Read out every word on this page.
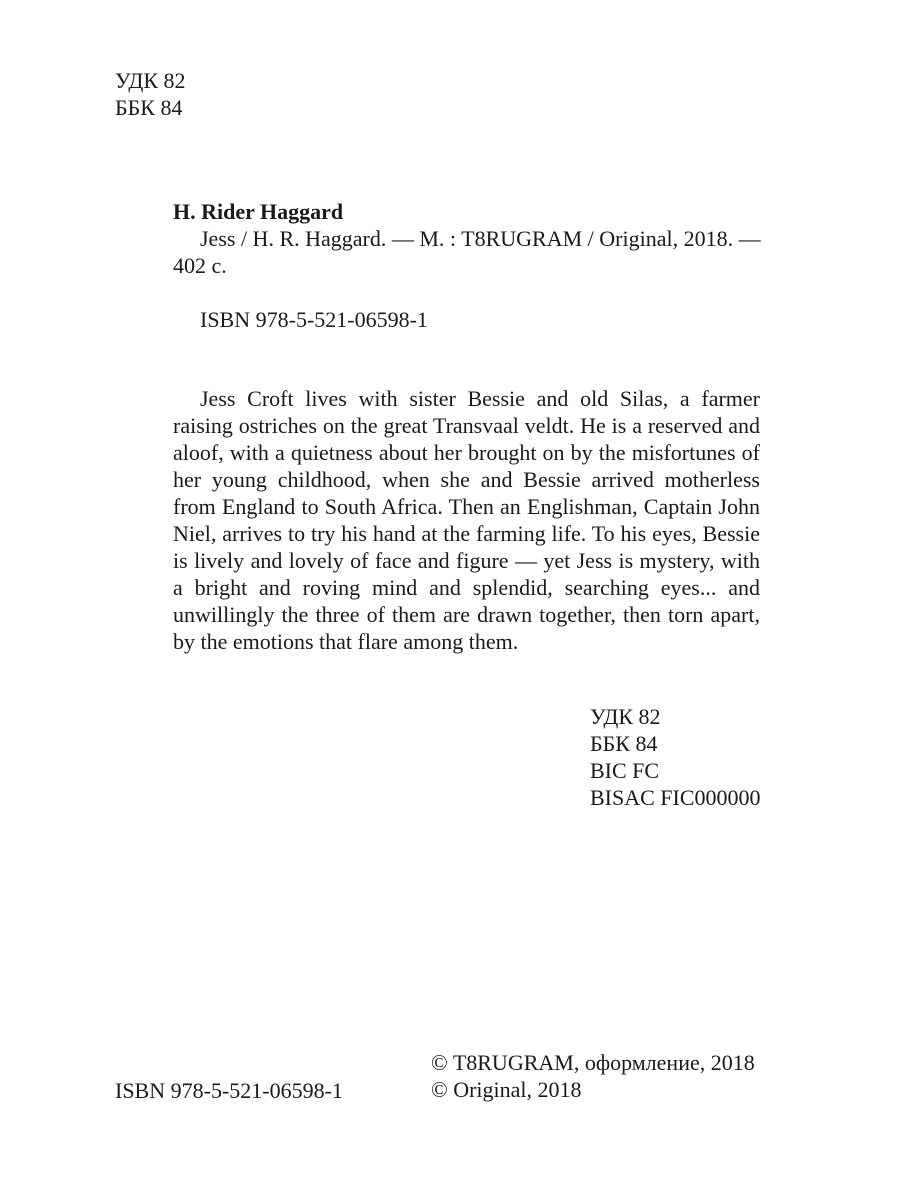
УДК 82
ББК 84
H. Rider Haggard
Jess / H. R. Haggard. — M. : T8RUGRAM / Original, 2018. —
402 c.
ISBN 978-5-521-06598-1

Jess Croft lives with sister Bessie and old Silas, a farmer raising ostriches on the great Transvaal veldt. He is a reserved and aloof, with a quietness about her brought on by the misfortunes of her young childhood, when she and Bessie arrived motherless from England to South Africa. Then an Englishman, Captain John Niel, arrives to try his hand at the farming life. To his eyes, Bessie is lively and lovely of face and figure — yet Jess is mystery, with a bright and roving mind and splendid, searching eyes... and unwillingly the three of them are drawn together, then torn apart, by the emotions that flare among them.

УДК 82
ББК 84
BIC FC
BISAC FIC000000
ISBN 978-5-521-06598-1
© T8RUGRAM, оформление, 2018
© Original, 2018
